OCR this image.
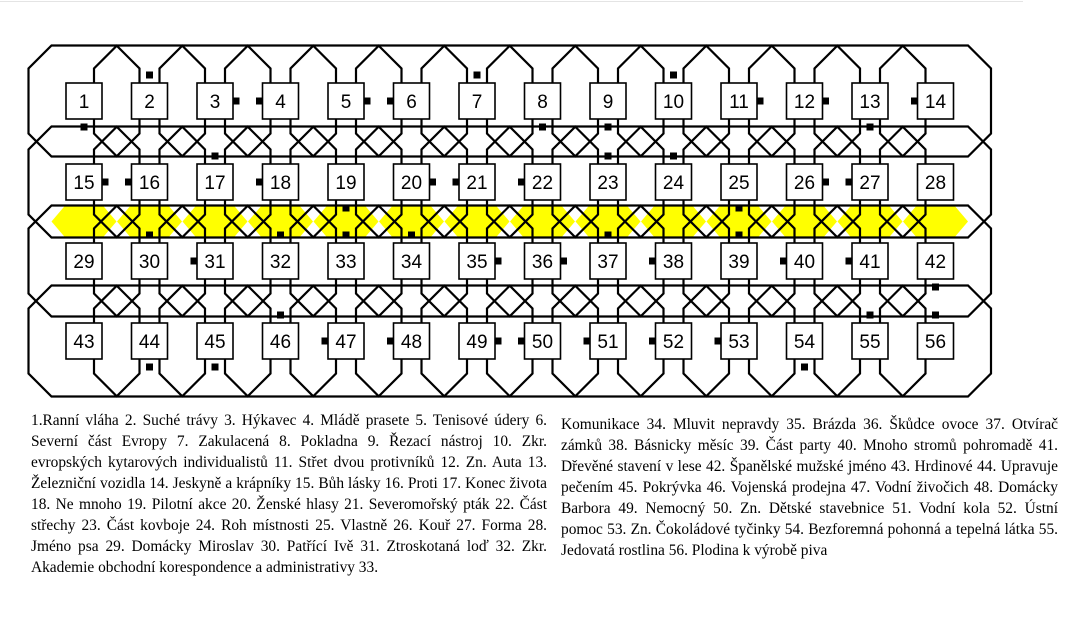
1	2	3	4	5	6	7	8	9	10 11 12 13 14
15 16 17 18 19 20 21 22 23 24 25 26 27 28
29 30 31 32 33 34 35 36 37 38 39 40 41 42
43 44 45 46 47 48 49 50 51 52 53 54 55 56
1.Ranní vláha 2. Suché trávy 3. Hýkavec 4. Mládě prasete 5. Tenisové údery 6. Severní část Evropy 7. Zakulacená 8. Pokladna 9. Řezací nástroj 10. Zkr. evropských kytarových individualistů 11. Střet dvou protivníků 12. Zn. Auta 13. Železniční vozidla 14. Jeskyně a krápníky 15. Bůh lásky 16. Proti 17. Konec života 18. Ne mnoho 19. Pilotní akce 20. Ženské hlasy 21. Severomořský pták 22. Část střechy 23. Část kovboje 24. Roh místnosti 25. Vlastně 26. Kouř 27. Forma 28. Jméno psa 29. Domácky Miroslav 30. Patřící Ivě 31. Ztroskotaná loď 32. Zkr. Akademie obchodní korespondence a administrativy 33.
Komunikace 34. Mluvit nepravdy 35. Brázda 36. Škůdce ovoce 37. Otvírač zámků 38. Básnicky měsíc 39. Část party 40. Mnoho stromů pohromadě 41. Dřevěné stavení v lese 42. Španělské mužské jméno 43. Hrdinové 44. Upravuje pečením 45. Pokrývka 46. Vojenská prodejna 47. Vodní živočich 48. Domácky Barbora 49. Nemocný 50. Zn. Dětské stavebnice 51. Vodní kola 52. Ústní pomoc 53. Zn. Čokoládové tyčinky 54. Bezforemná pohonná a tepelná látka 55. Jedovatá rostlina 56. Plodina k výrobě piva
